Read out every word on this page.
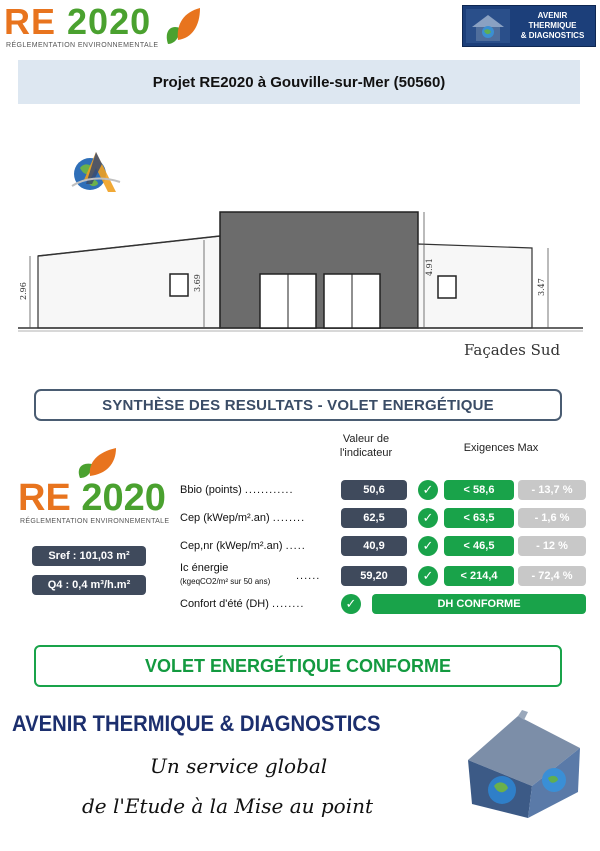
RE 2020
RÉGLEMENTATION ENVIRONNEMENTALE
AVENIR
THERMIQUE
& DIAGNOSTICS
Projet RE2020 à Gouville-sur-Mer (50560)
2.96	3.69
4.91
3.47
Façades Sud
SYNTHÈSE DES RESULTATS - VOLET ENERGÉTIQUE
Valeur de l'indicateur	Exigences Max
RE 2020
RÉGLEMENTATION ENVIRONNEMENTALE
Sref : 101,03 m²
Q4 : 0,4 m³/h.m²
Bbio (points) ............	50,6	✓	< 58,6	- 13,7 %
Cep (kWep/m².an) ........	62,5	✓	< 63,5	- 1,6 %
Cep,nr (kWep/m².an) .....	40,9	✓	< 46,5	- 12 %
Ic énergie
(kgeqCO2/m² sur 50 ans) ......	59,20	✓	< 214,4	- 72,4 %
Confort d'été (DH) ........	✓	DH CONFORME
VOLET ENERGÉTIQUE CONFORME
AVENIR THERMIQUE & DIAGNOSTICS
Un service global
de l'Etude à la Mise au point
